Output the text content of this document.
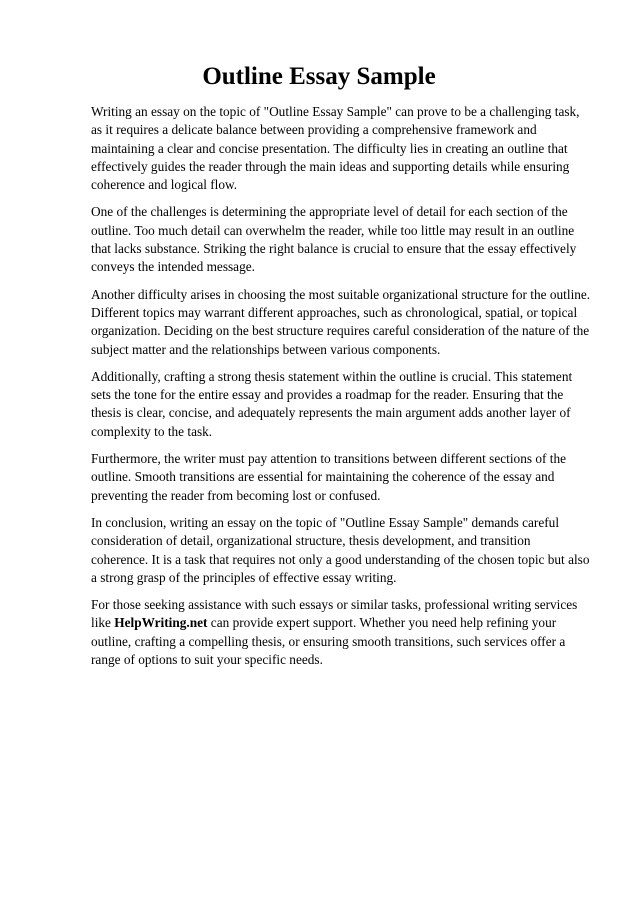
Outline Essay Sample

Writing an essay on the topic of "Outline Essay Sample" can prove to be a challenging task, as it requires a delicate balance between providing a comprehensive framework and maintaining a clear and concise presentation. The difficulty lies in creating an outline that effectively guides the reader through the main ideas and supporting details while ensuring coherence and logical flow.

One of the challenges is determining the appropriate level of detail for each section of the outline. Too much detail can overwhelm the reader, while too little may result in an outline that lacks substance. Striking the right balance is crucial to ensure that the essay effectively conveys the intended message.

Another difficulty arises in choosing the most suitable organizational structure for the outline. Different topics may warrant different approaches, such as chronological, spatial, or topical organization. Deciding on the best structure requires careful consideration of the nature of the subject matter and the relationships between various components.

Additionally, crafting a strong thesis statement within the outline is crucial. This statement sets the tone for the entire essay and provides a roadmap for the reader. Ensuring that the thesis is clear, concise, and adequately represents the main argument adds another layer of complexity to the task.

Furthermore, the writer must pay attention to transitions between different sections of the outline. Smooth transitions are essential for maintaining the coherence of the essay and preventing the reader from becoming lost or confused.

In conclusion, writing an essay on the topic of "Outline Essay Sample" demands careful consideration of detail, organizational structure, thesis development, and transition coherence. It is a task that requires not only a good understanding of the chosen topic but also a strong grasp of the principles of effective essay writing.

For those seeking assistance with such essays or similar tasks, professional writing services like HelpWriting.net can provide expert support. Whether you need help refining your outline, crafting a compelling thesis, or ensuring smooth transitions, such services offer a range of options to suit your specific needs.
